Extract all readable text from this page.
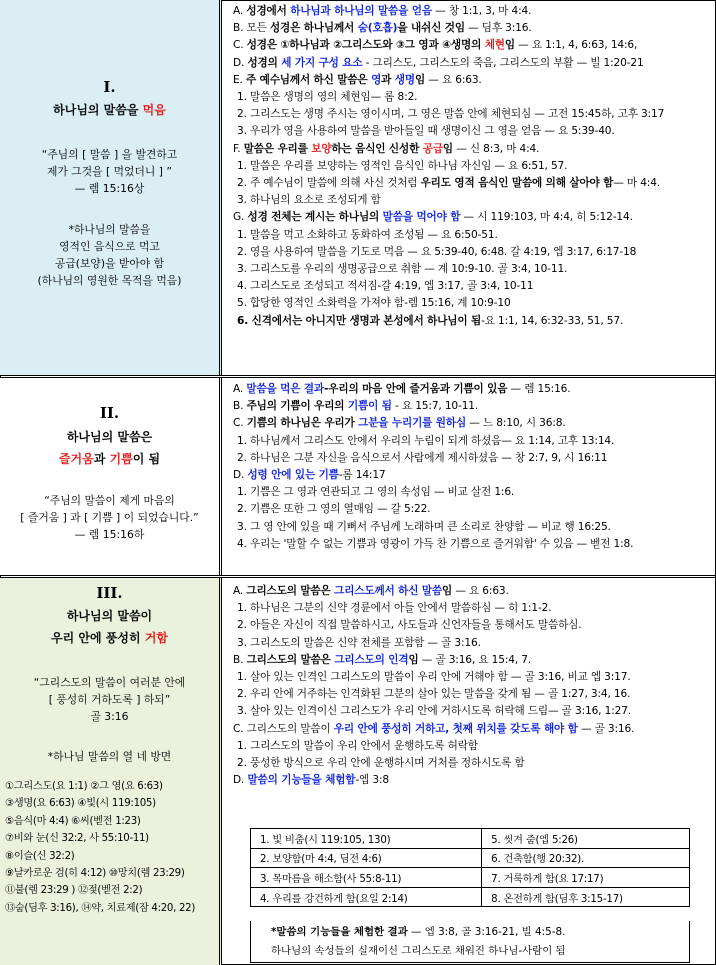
I.
하나님의 말씀을 먹음
“주님의 [ 말씀 ] 을 발견하고
제가 그것을 [ 먹었더니 ] ”
— 렘 15:16상
*하나님의 말씀을
영적인 음식으로 먹고
공급(보양)을 받아야 함
(하나님의 영원한 목적을 먹음)
A. 성경에서 하나님과 하나님의 말씀을 얻음 — 창 1:1, 3, 마 4:4.
B. 모든 성경은 하나님께서 숨(호흡)을 내쉬신 것임 — 딤후 3:16.
C. 성경은 ①하나님과 ②그리스도와 ③그 영과 ④생명의 체현임 — 요 1:1, 4, 6:63, 14:6,
D. 성경의 세 가지 구성 요소 - 그리스도, 그리스도의 죽음, 그리스도의 부활 — 빌 1:20-21
E. 주 예수님께서 하신 말씀은 영과 생명임 — 요 6:63.
1. 말씀은 생명의 영의 체현임— 롬 8:2.
2. 그리스도는 생명 주시는 영이시며, 그 영은 말씀 안에 체현되심 — 고전 15:45하, 고후 3:17
3. 우리가 영을 사용하여 말씀을 받아들일 때 생명이신 그 영을 얻음 — 요 5:39-40.
F. 말씀은 우리를 보양하는 음식인 신성한 공급임 — 신 8:3, 마 4:4.
1. 말씀은 우리를 보양하는 영적인 음식인 하나님 자신임 — 요 6:51, 57.
2. 주 예수님이 말씀에 의해 사신 것처럼 우리도 영적 음식인 말씀에 의해 살아야 함— 마 4:4.
3. 하나님의 요소로 조성되게 함
G. 성경 전체는 계시는 하나님의 말씀을 먹어야 함 — 시 119:103, 마 4:4, 히 5:12-14.
1. 말씀을 먹고 소화하고 동화하여 조성됨 — 요 6:50-51.
2. 영을 사용하여 말씀을 기도로 먹음 — 요 5:39-40, 6:48. 갈 4:19, 엡 3:17, 6:17-18
3. 그리스도를 우리의 생명공급으로 취함 — 계 10:9-10. 골 3:4, 10-11.
4. 그리스도로 조성되고 적셔짐-갈 4:19, 엡 3:17, 골 3:4, 10-11
5. 합당한 영적인 소화력을 가져야 함-렘 15:16, 계 10:9-10
6. 신격에서는 아니지만 생명과 본성에서 하나님이 됨-요 1:1, 14, 6:32-33, 51, 57.
II.
하나님의 말씀은
즐거움과 기쁨이 됨
“주님의 말씀이 제게 마음의
[ 즐거움 ] 과 [ 기쁨 ] 이 되었습니다.”
— 렘 15:16하
A. 말씀을 먹은 결과-우리의 마음 안에 즐거움과 기쁨이 있음 — 렘 15:16.
B. 주님의 기쁨이 우리의 기쁨이 됨 - 요 15:7, 10-11.
C. 기쁨의 하나님은 우리가 그분을 누리기를 원하심 — 느 8:10, 시 36:8.
1. 하나님께서 그리스도 안에서 우리의 누림이 되게 하셨음— 요 1:14, 고후 13:14.
2. 하나님은 그분 자신을 음식으로서 사람에게 제시하셨음 — 창 2:7, 9, 시 16:11
D. 성령 안에 있는 기쁨-롬 14:17
1. 기쁨은 그 영과 연관되고 그 영의 속성임 — 비교 살전 1:6.
2. 기쁨은 또한 그 영의 열매임 — 갈 5:22.
3. 그 영 안에 있을 때 기뻐서 주님께 노래하며 큰 소리로 찬양함 — 비교 행 16:25.
4. 우리는 '말할 수 없는 기쁨과 영광이 가득 찬 기쁨으로 즐거워함' 수 있음 — 벧전 1:8.
III.
하나님의 말씀이
우리 안에 풍성히 거함
“그리스도의 말씀이 여러분 안에
[ 풍성히 거하도록 ] 하되”
골 3:16
*하나님 말씀의 열 네 방면
①그리스도(요 1:1) ②그 영(요 6:63)
③생명(요 6:63) ④빛(시 119:105)
⑤음식(마 4:4) ⑥씨(벧전 1:23)
⑦비와 눈(신 32:2, 사 55:10-11)
⑧이슬(신 32:2)
⑨날카로운 검(히 4:12) ⑩망치(렘 23:29)
⑪불(렘 23:29 ) ⑫젖(벧전 2:2)
⑬숨(딤후 3:16), ⑭약, 치료제(잠 4:20, 22)
A. 그리스도의 말씀은 그리스도께서 하신 말씀임 — 요 6:63.
1. 하나님은 그분의 신약 경륜에서 아들 안에서 말씀하심 — 히 1:1-2.
2. 아들은 자신이 직접 말씀하시고, 사도들과 신언자들을 통해서도 말씀하심.
3. 그리스도의 말씀은 신약 전체를 포함함 — 골 3:16.
B. 그리스도의 말씀은 그리스도의 인격임 — 골 3:16, 요 15:4, 7.
1. 살아 있는 인격인 그리스도의 말씀이 우리 안에 거해야 함 — 골 3:16, 비교 엡 3:17.
2. 우리 안에 거주하는 인격화된 그분의 살아 있는 말씀을 갖게 됨 — 골 1:27, 3:4, 16.
3. 살아 있는 인격이신 그리스도가 우리 안에 거하시도록 허락해 드림— 골 3:16, 1:27.
C. 그리스도의 말씀이 우리 안에 풍성히 거하고, 첫째 위치를 갖도록 해야 함 — 골 3:16.
1. 그리스도의 말씀이 우리 안에서 운행하도록 허락함
2. 풍성한 방식으로 우리 안에 운행하시며 거처를 정하시도록 함
D. 말씀의 기능들을 체험함-엡 3:8
1. 빛 비춤(시 119:105, 130)	5. 씻겨 줌(엡 5:26)
2. 보양함(마 4:4, 딤전 4:6)	6. 건축함(행 20:32).
3. 목마름을 해소함(사 55:8-11)	7. 거룩하게 함(요 17:17)
4. 우리를 강건하게 함(요일 2:14)	8. 온전하게 함(딤후 3:15-17)
*말씀의 기능들을 체험한 결과 — 엡 3:8, 골 3:16-21, 빌 4:5-8.
하나님의 속성들의 실재이신 그리스도로 채워진 하나님-사람이 됨
